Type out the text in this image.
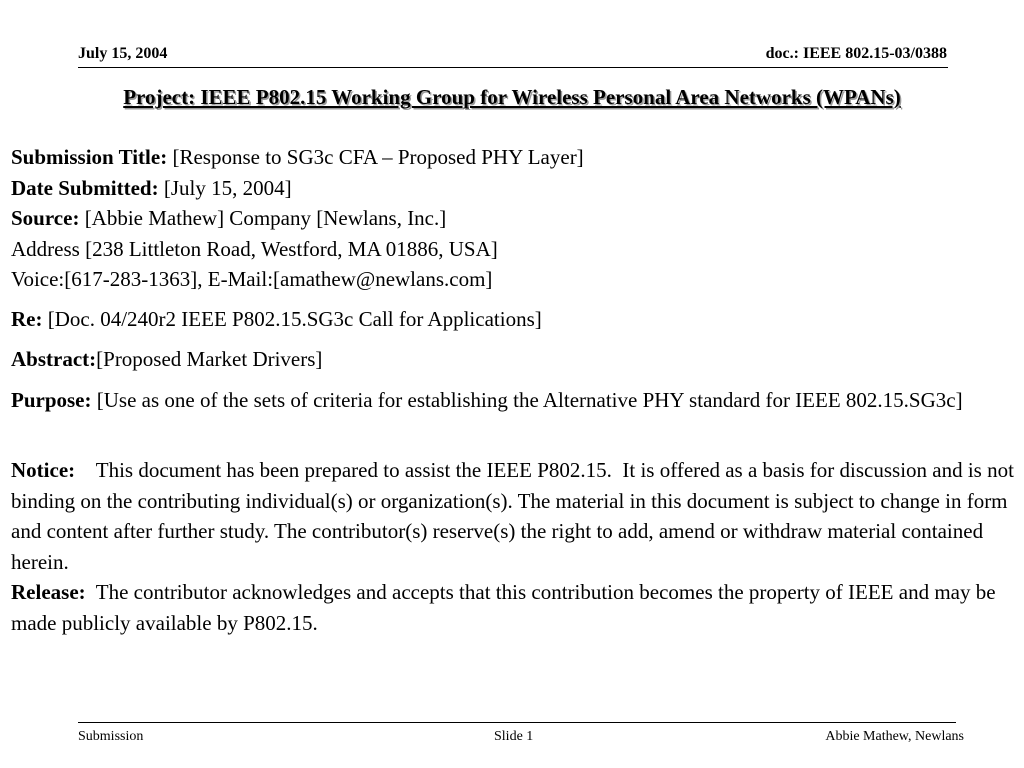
July 15, 2004	doc.: IEEE 802.15-03/0388
Project: IEEE P802.15 Working Group for Wireless Personal Area Networks (WPANs)

Submission Title: [Response to SG3c CFA – Proposed PHY Layer]

Date Submitted: [July 15, 2004]

Source: [Abbie Mathew] Company [Newlans, Inc.]

Address [238 Littleton Road, Westford, MA 01886, USA]

Voice:[617-283-1363], E-Mail:[amathew@newlans.com]

Re: [Doc. 04/240r2 IEEE P802.15.SG3c Call for Applications]

Abstract:[Proposed Market Drivers]

Purpose: [Use as one of the sets of criteria for establishing the Alternative PHY standard for IEEE 802.15.SG3c]

Notice:    This document has been prepared to assist the IEEE P802.15.  It is offered as a basis for discussion and is not binding on the contributing individual(s) or organization(s). The material in this document is subject to change in form and content after further study. The contributor(s) reserve(s) the right to add, amend or withdraw material contained herein.

Release:  The contributor acknowledges and accepts that this contribution becomes the property of IEEE and may be made publicly available by P802.15.

Submission	Slide 1	Abbie Mathew, Newlans
